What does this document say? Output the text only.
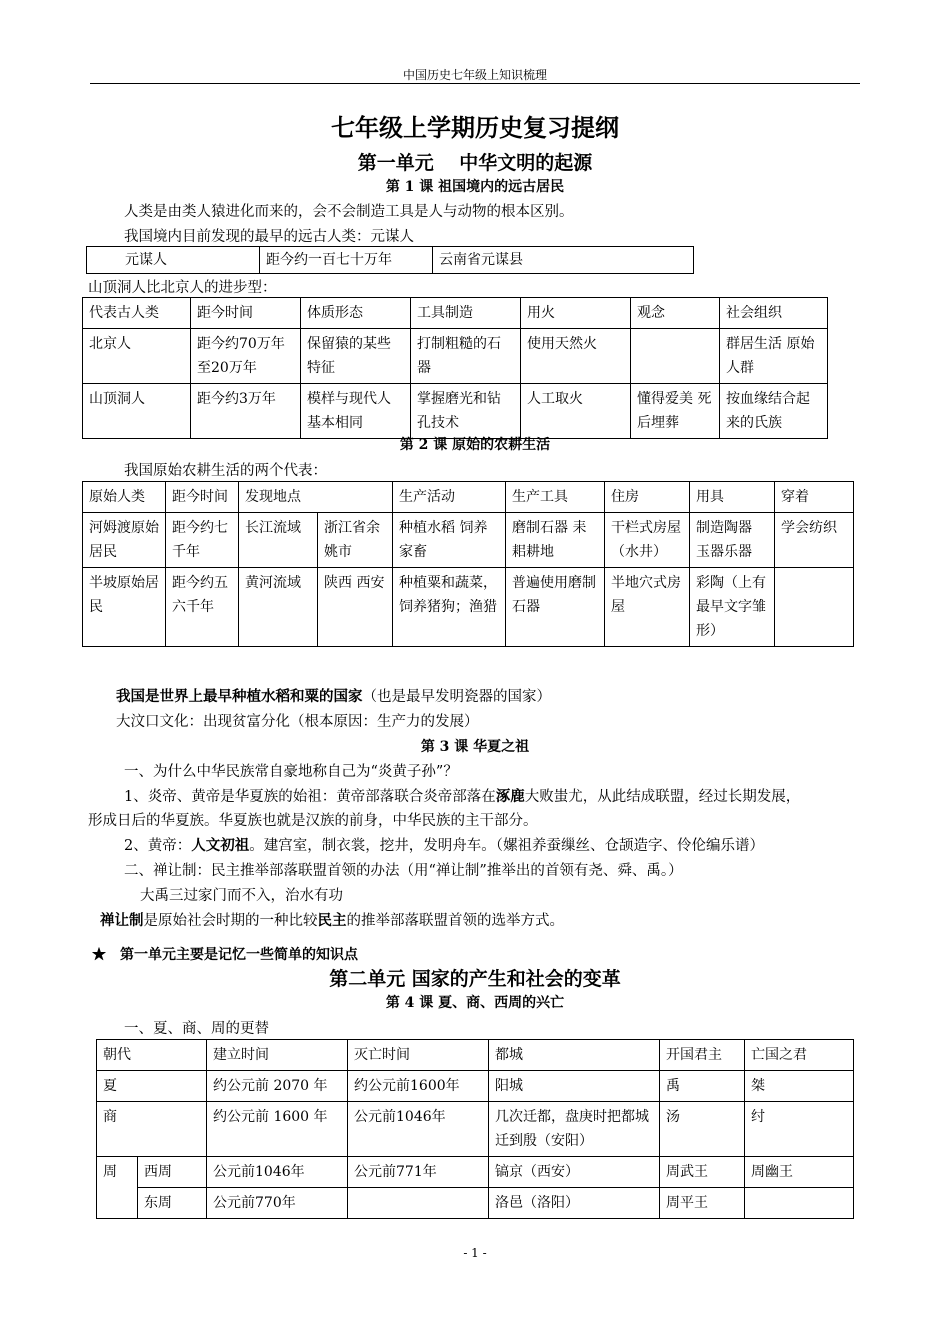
中国历史七年级上知识梳理
七年级上学期历史复习提纲
第一单元　 中华文明的起源
第 1 课 祖国境内的远古居民
人类是由类人猿进化而来的，会不会制造工具是人与动物的根本区别。
我国境内目前发现的最早的远古人类：元谋人
元谋人	距今约一百七十万年	云南省元谋县
山顶洞人比北京人的进步型：
代表古人类	距今时间	体质形态	工具制造	用火	观念	社会组织
北京人	距今约70万年至20万年	保留猿的某些特征	打制粗糙的石器	使用天然火		群居生活 原始人群
山顶洞人	距今约3万年	模样与现代人基本相同	掌握磨光和钻孔技术	人工取火	懂得爱美 死后埋葬	按血缘结合起来的氏族
第 2 课 原始的农耕生活
我国原始农耕生活的两个代表：
原始人类	距今时间	发现地点		生产活动	生产工具	住房	用具	穿着
河姆渡原始居民	距今约七千年	长江流域	浙江省余姚市	种植水稻 饲养家畜	磨制石器 耒耜耕地	干栏式房屋（水井）	制造陶器 玉器乐器	学会纺织
半坡原始居民	距今约五六千年	黄河流域	陕西 西安	种植粟和蔬菜，饲养猪狗；渔猎	普遍使用磨制石器	半地穴式房屋	彩陶（上有最早文字雏形）	
我国是世界上最早种植水稻和粟的国家（也是最早发明瓷器的国家）
大汶口文化：出现贫富分化（根本原因：生产力的发展）
第 3 课 华夏之祖
一、为什么中华民族常自豪地称自己为“炎黄子孙”？
1、炎帝、黄帝是华夏族的始祖：黄帝部落联合炎帝部落在涿鹿大败蚩尤，从此结成联盟，经过长期发展，
形成日后的华夏族。华夏族也就是汉族的前身，中华民族的主干部分。
2、黄帝：人文初祖。建宫室，制衣裳，挖井，发明舟车。（嫘祖养蚕缫丝、仓颉造字、伶伦编乐谱）
二、禅让制：民主推举部落联盟首领的办法（用“禅让制”推举出的首领有尧、舜、禹。）
大禹三过家门而不入，治水有功
禅让制是原始社会时期的一种比较民主的推举部落联盟首领的选举方式。
★　第一单元主要是记忆一些简单的知识点
第二单元 国家的产生和社会的变革
第 4 课 夏、商、西周的兴亡
一、夏、商、周的更替
朝代		建立时间	灭亡时间	都城	开国君主	亡国之君
夏		约公元前 2070 年	约公元前1600年	阳城	禹	桀
商		约公元前 1600 年	公元前1046年	几次迁都，盘庚时把都城迁到殷（安阳）	汤	纣
周	西周	公元前1046年	公元前771年	镐京（西安）	周武王	周幽王
	东周	公元前770年		洛邑（洛阳）	周平王	
- 1 -
